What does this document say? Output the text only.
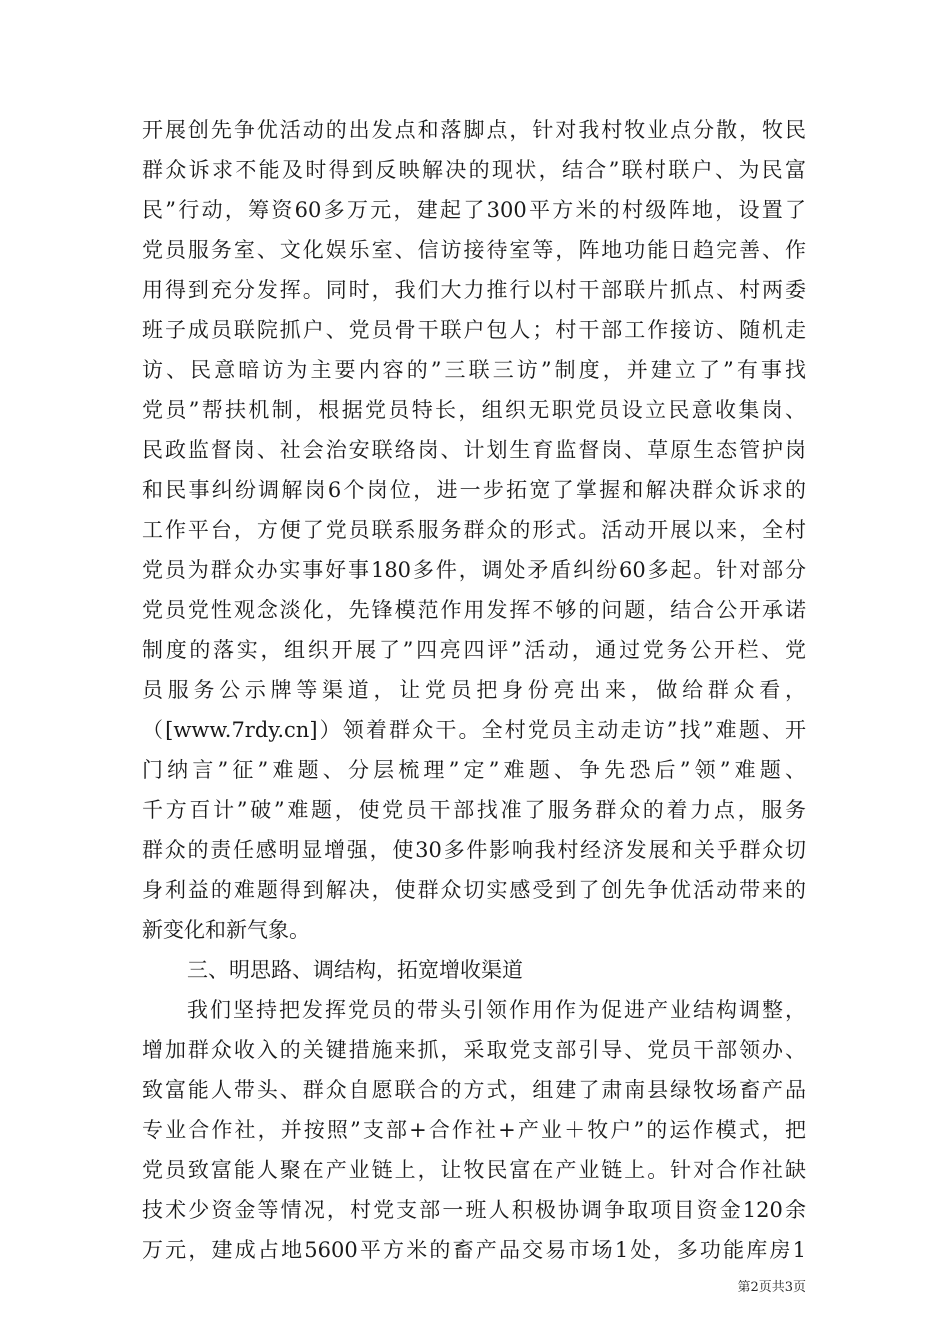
开展创先争优活动的出发点和落脚点，针对我村牧业点分散，牧民
群众诉求不能及时得到反映解决的现状，结合”联村联户、为民富
民”行动，筹资60多万元，建起了300平方米的村级阵地，设置了
党员服务室、文化娱乐室、信访接待室等，阵地功能日趋完善、作
用得到充分发挥。同时，我们大力推行以村干部联片抓点、村两委
班子成员联院抓户、党员骨干联户包人；村干部工作接访、随机走
访、民意暗访为主要内容的”三联三访”制度，并建立了”有事找
党员”帮扶机制，根据党员特长，组织无职党员设立民意收集岗、
民政监督岗、社会治安联络岗、计划生育监督岗、草原生态管护岗
和民事纠纷调解岗6个岗位，进一步拓宽了掌握和解决群众诉求的
工作平台，方便了党员联系服务群众的形式。活动开展以来，全村
党员为群众办实事好事180多件，调处矛盾纠纷60多起。针对部分
党员党性观念淡化，先锋模范作用发挥不够的问题，结合公开承诺
制度的落实，组织开展了”四亮四评”活动，通过党务公开栏、党
员服务公示牌等渠道，让党员把身份亮出来，做给群众看，
（[www.7rdy.cn]）领着群众干。全村党员主动走访”找”难题、开
门纳言”征”难题、分层梳理”定”难题、争先恐后”领”难题、
千方百计”破”难题，使党员干部找准了服务群众的着力点，服务
群众的责任感明显增强，使30多件影响我村经济发展和关乎群众切
身利益的难题得到解决，使群众切实感受到了创先争优活动带来的
新变化和新气象。
三、明思路、调结构，拓宽增收渠道
我们坚持把发挥党员的带头引领作用作为促进产业结构调整，
增加群众收入的关键措施来抓，采取党支部引导、党员干部领办、
致富能人带头、群众自愿联合的方式，组建了肃南县绿牧场畜产品
专业合作社，并按照”支部+合作社+产业＋牧户”的运作模式，把
党员致富能人聚在产业链上，让牧民富在产业链上。针对合作社缺
技术少资金等情况，村党支部一班人积极协调争取项目资金120余
万元，建成占地5600平方米的畜产品交易市场1处，多功能库房1
第2页共3页
